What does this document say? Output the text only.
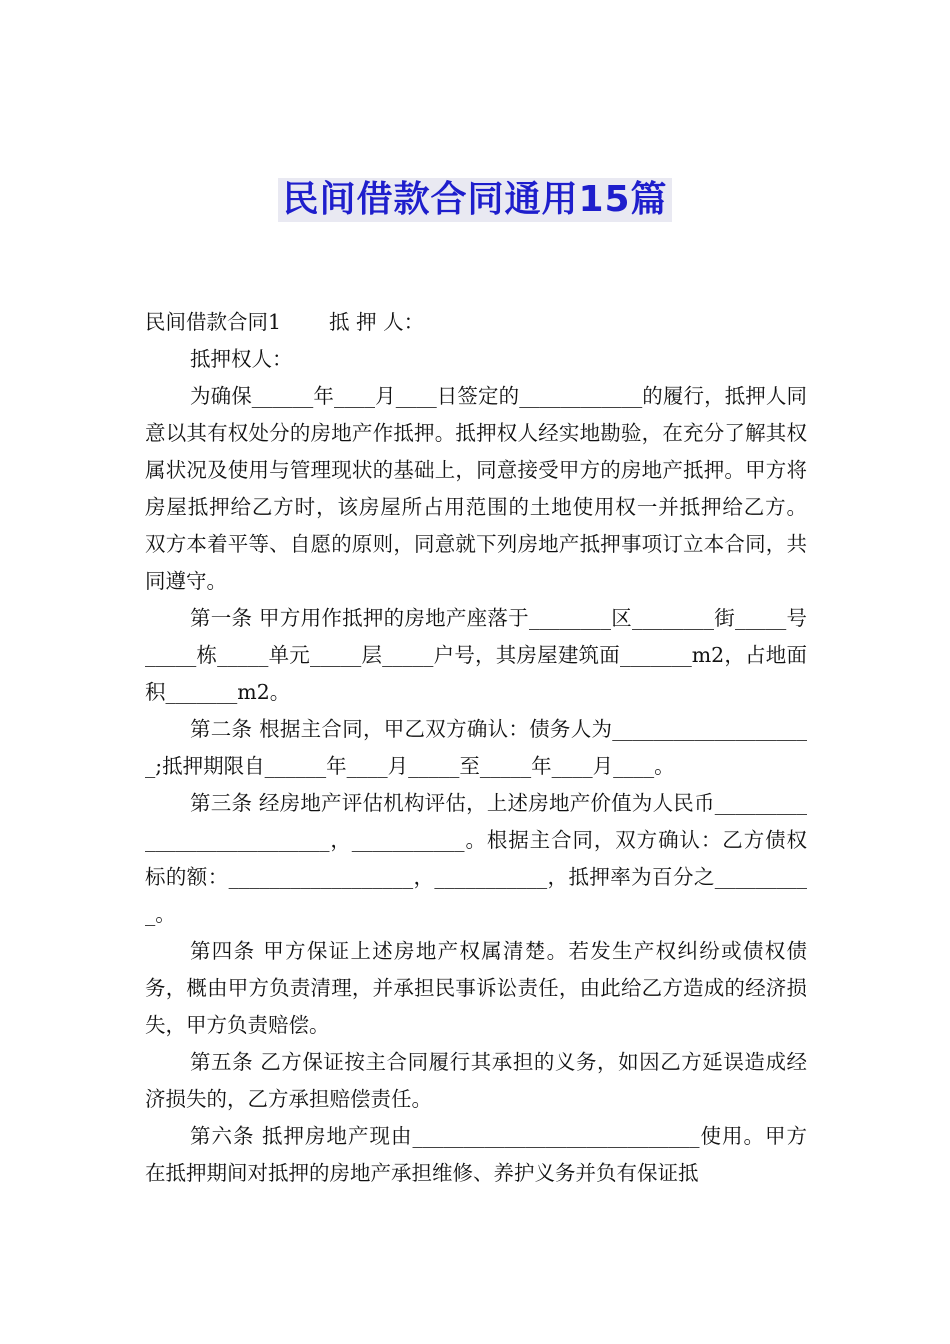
民间借款合同通用15篇

民间借款合同1 抵 押 人：

抵押权人：

为确保______年____月____日签定的____________的履行，抵押人同意以其有权处分的房地产作抵押。抵押权人经实地勘验，在充分了解其权属状况及使用与管理现状的基础上，同意接受甲方的房地产抵押。甲方将房屋抵押给乙方时，该房屋所占用范围的土地使用权一并抵押给乙方。 双方本着平等、自愿的原则，同意就下列房地产抵押事项订立本合同，共同遵守。

第一条 甲方用作抵押的房地产座落于________区________街_____号_____栋_____单元_____层_____户号，其房屋建筑面_______m2，占地面积_______m2。

第二条 根据主合同，甲乙双方确认：债务人为____________________;抵押期限自______年____月_____至_____年____月____。

第三条 经房地产评估机构评估，上述房地产价值为人民币___________________________，___________。根据主合同，双方确认：乙方债权标的额：__________________，___________，抵押率为百分之__________。

第四条 甲方保证上述房地产权属清楚。若发生产权纠纷或债权债务，概由甲方负责清理，并承担民事诉讼责任，由此给乙方造成的经济损失，甲方负责赔偿。

第五条 乙方保证按主合同履行其承担的义务，如因乙方延误造成经济损失的，乙方承担赔偿责任。

第六条 抵押房地产现由____________________________使用。甲方在抵押期间对抵押的房地产承担维修、养护义务并负有保证抵
